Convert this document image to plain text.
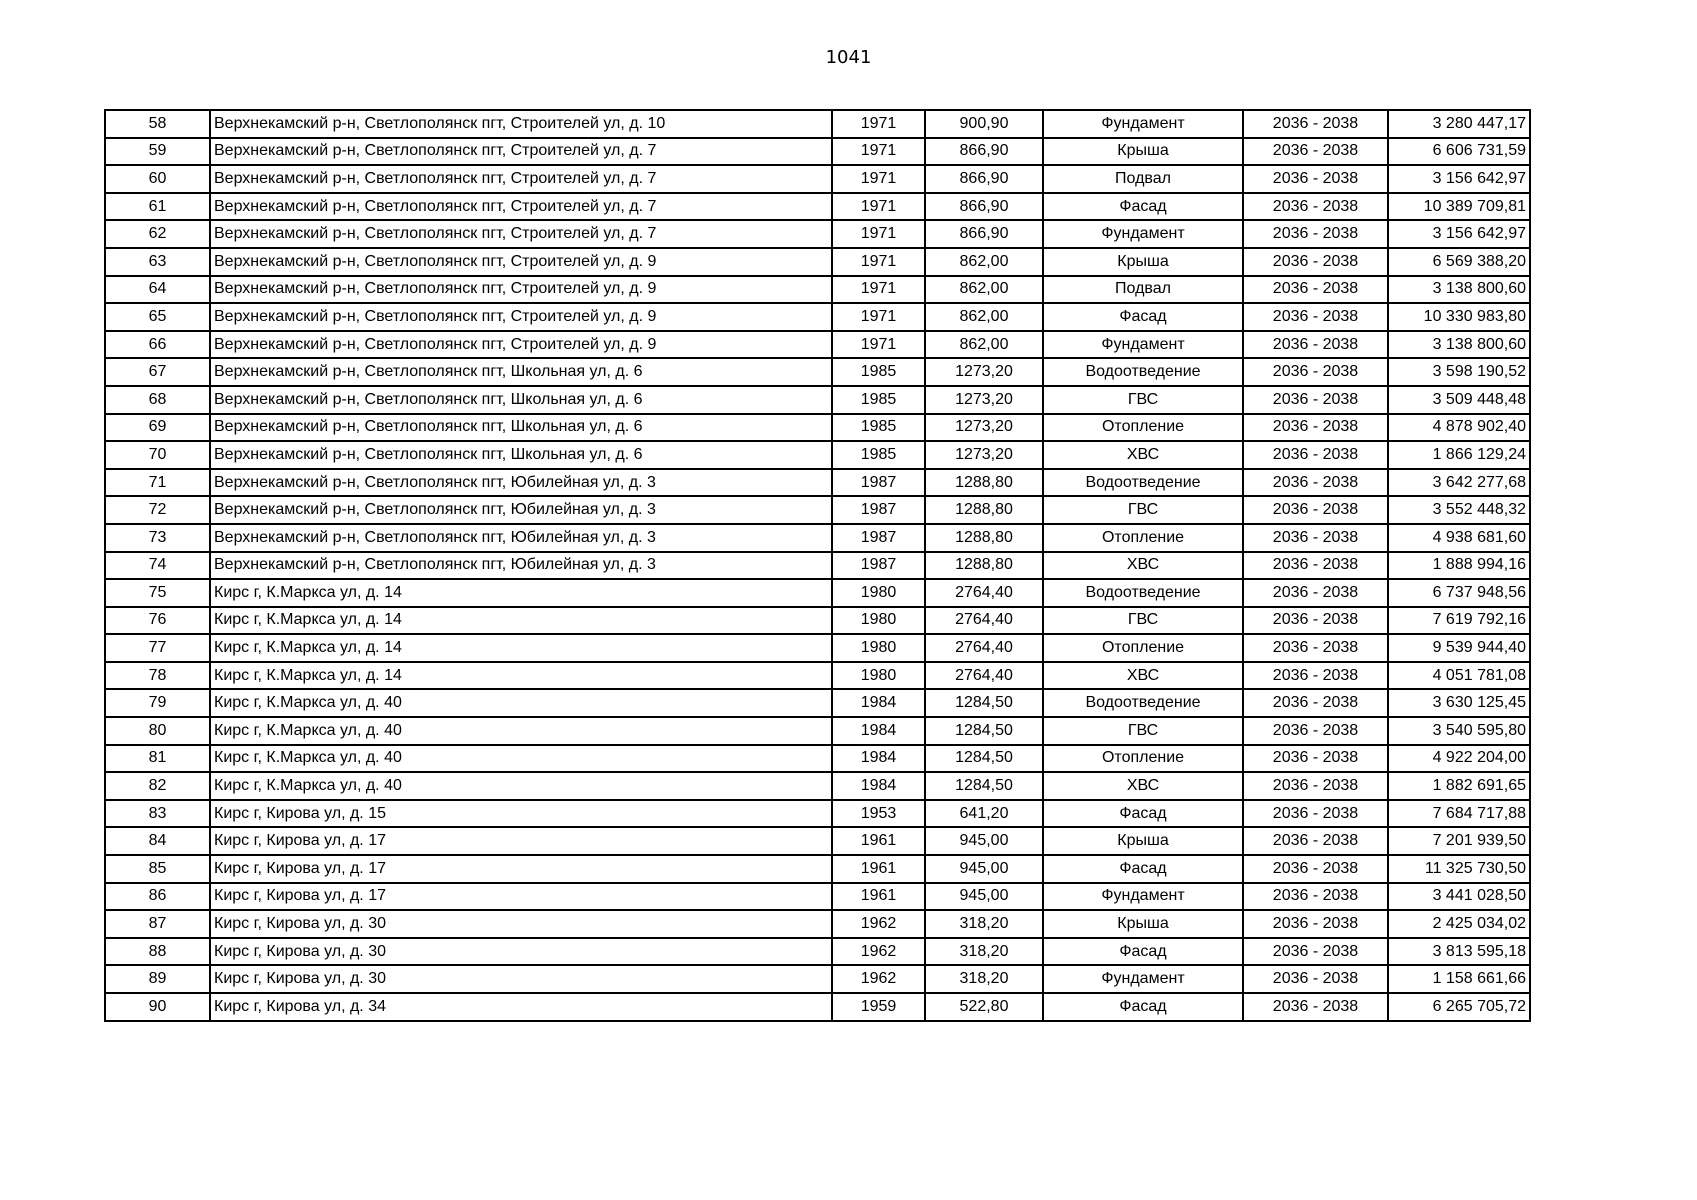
1041
58	Верхнекамский р-н, Светлополянск пгт, Строителей ул, д. 10	1971	900,90	Фундамент	2036 - 2038	3 280 447,17
59	Верхнекамский р-н, Светлополянск пгт, Строителей ул, д. 7	1971	866,90	Крыша	2036 - 2038	6 606 731,59
60	Верхнекамский р-н, Светлополянск пгт, Строителей ул, д. 7	1971	866,90	Подвал	2036 - 2038	3 156 642,97
61	Верхнекамский р-н, Светлополянск пгт, Строителей ул, д. 7	1971	866,90	Фасад	2036 - 2038	10 389 709,81
62	Верхнекамский р-н, Светлополянск пгт, Строителей ул, д. 7	1971	866,90	Фундамент	2036 - 2038	3 156 642,97
63	Верхнекамский р-н, Светлополянск пгт, Строителей ул, д. 9	1971	862,00	Крыша	2036 - 2038	6 569 388,20
64	Верхнекамский р-н, Светлополянск пгт, Строителей ул, д. 9	1971	862,00	Подвал	2036 - 2038	3 138 800,60
65	Верхнекамский р-н, Светлополянск пгт, Строителей ул, д. 9	1971	862,00	Фасад	2036 - 2038	10 330 983,80
66	Верхнекамский р-н, Светлополянск пгт, Строителей ул, д. 9	1971	862,00	Фундамент	2036 - 2038	3 138 800,60
67	Верхнекамский р-н, Светлополянск пгт, Школьная ул, д. 6	1985	1273,20	Водоотведение	2036 - 2038	3 598 190,52
68	Верхнекамский р-н, Светлополянск пгт, Школьная ул, д. 6	1985	1273,20	ГВС	2036 - 2038	3 509 448,48
69	Верхнекамский р-н, Светлополянск пгт, Школьная ул, д. 6	1985	1273,20	Отопление	2036 - 2038	4 878 902,40
70	Верхнекамский р-н, Светлополянск пгт, Школьная ул, д. 6	1985	1273,20	ХВС	2036 - 2038	1 866 129,24
71	Верхнекамский р-н, Светлополянск пгт, Юбилейная ул, д. 3	1987	1288,80	Водоотведение	2036 - 2038	3 642 277,68
72	Верхнекамский р-н, Светлополянск пгт, Юбилейная ул, д. 3	1987	1288,80	ГВС	2036 - 2038	3 552 448,32
73	Верхнекамский р-н, Светлополянск пгт, Юбилейная ул, д. 3	1987	1288,80	Отопление	2036 - 2038	4 938 681,60
74	Верхнекамский р-н, Светлополянск пгт, Юбилейная ул, д. 3	1987	1288,80	ХВС	2036 - 2038	1 888 994,16
75	Кирс г, К.Маркса ул, д. 14	1980	2764,40	Водоотведение	2036 - 2038	6 737 948,56
76	Кирс г, К.Маркса ул, д. 14	1980	2764,40	ГВС	2036 - 2038	7 619 792,16
77	Кирс г, К.Маркса ул, д. 14	1980	2764,40	Отопление	2036 - 2038	9 539 944,40
78	Кирс г, К.Маркса ул, д. 14	1980	2764,40	ХВС	2036 - 2038	4 051 781,08
79	Кирс г, К.Маркса ул, д. 40	1984	1284,50	Водоотведение	2036 - 2038	3 630 125,45
80	Кирс г, К.Маркса ул, д. 40	1984	1284,50	ГВС	2036 - 2038	3 540 595,80
81	Кирс г, К.Маркса ул, д. 40	1984	1284,50	Отопление	2036 - 2038	4 922 204,00
82	Кирс г, К.Маркса ул, д. 40	1984	1284,50	ХВС	2036 - 2038	1 882 691,65
83	Кирс г, Кирова ул, д. 15	1953	641,20	Фасад	2036 - 2038	7 684 717,88
84	Кирс г, Кирова ул, д. 17	1961	945,00	Крыша	2036 - 2038	7 201 939,50
85	Кирс г, Кирова ул, д. 17	1961	945,00	Фасад	2036 - 2038	11 325 730,50
86	Кирс г, Кирова ул, д. 17	1961	945,00	Фундамент	2036 - 2038	3 441 028,50
87	Кирс г, Кирова ул, д. 30	1962	318,20	Крыша	2036 - 2038	2 425 034,02
88	Кирс г, Кирова ул, д. 30	1962	318,20	Фасад	2036 - 2038	3 813 595,18
89	Кирс г, Кирова ул, д. 30	1962	318,20	Фундамент	2036 - 2038	1 158 661,66
90	Кирс г, Кирова ул, д. 34	1959	522,80	Фасад	2036 - 2038	6 265 705,72
